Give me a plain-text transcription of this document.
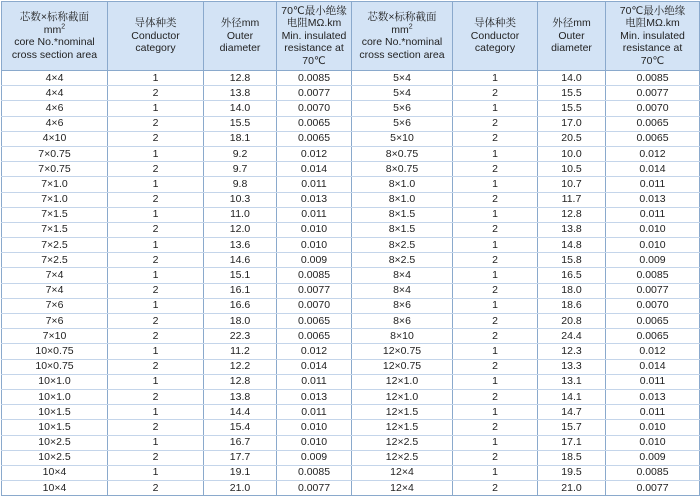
芯数×标称截面
$mm^2$
core No.*nominal
cross section area	导体种类
Conductor
category	外径mm
Outer
diameter	70℃最小绝缘
电阻MΩ.km
Min. insulated
resistance at
70℃	芯数×标称截面
$mm^2$
core No.*nominal
cross section area	导体种类
Conductor
category	外径mm
Outer
diameter	70℃最小绝缘
电阻MΩ.km
Min. insulated
resistance at
70℃

4×4	1	12.8	0.0085	5×4	1	14.0	0.0085
4×4	2	13.8	0.0077	5×4	2	15.5	0.0077
4×6	1	14.0	0.0070	5×6	1	15.5	0.0070
4×6	2	15.5	0.0065	5×6	2	17.0	0.0065
4×10	2	18.1	0.0065	5×10	2	20.5	0.0065
7×0.75	1	9.2	0.012	8×0.75	1	10.0	0.012
7×0.75	2	9.7	0.014	8×0.75	2	10.5	0.014
7×1.0	1	9.8	0.011	8×1.0	1	10.7	0.011
7×1.0	2	10.3	0.013	8×1.0	2	11.7	0.013
7×1.5	1	11.0	0.011	8×1.5	1	12.8	0.011
7×1.5	2	12.0	0.010	8×1.5	2	13.8	0.010
7×2.5	1	13.6	0.010	8×2.5	1	14.8	0.010
7×2.5	2	14.6	0.009	8×2.5	2	15.8	0.009
7×4	1	15.1	0.0085	8×4	1	16.5	0.0085
7×4	2	16.1	0.0077	8×4	2	18.0	0.0077
7×6	1	16.6	0.0070	8×6	1	18.6	0.0070
7×6	2	18.0	0.0065	8×6	2	20.8	0.0065
7×10	2	22.3	0.0065	8×10	2	24.4	0.0065
10×0.75	1	11.2	0.012	12×0.75	1	12.3	0.012
10×0.75	2	12.2	0.014	12×0.75	2	13.3	0.014
10×1.0	1	12.8	0.011	12×1.0	1	13.1	0.011
10×1.0	2	13.8	0.013	12×1.0	2	14.1	0.013
10×1.5	1	14.4	0.011	12×1.5	1	14.7	0.011
10×1.5	2	15.4	0.010	12×1.5	2	15.7	0.010
10×2.5	1	16.7	0.010	12×2.5	1	17.1	0.010
10×2.5	2	17.7	0.009	12×2.5	2	18.5	0.009
10×4	1	19.1	0.0085	12×4	1	19.5	0.0085
10×4	2	21.0	0.0077	12×4	2	21.0	0.0077
